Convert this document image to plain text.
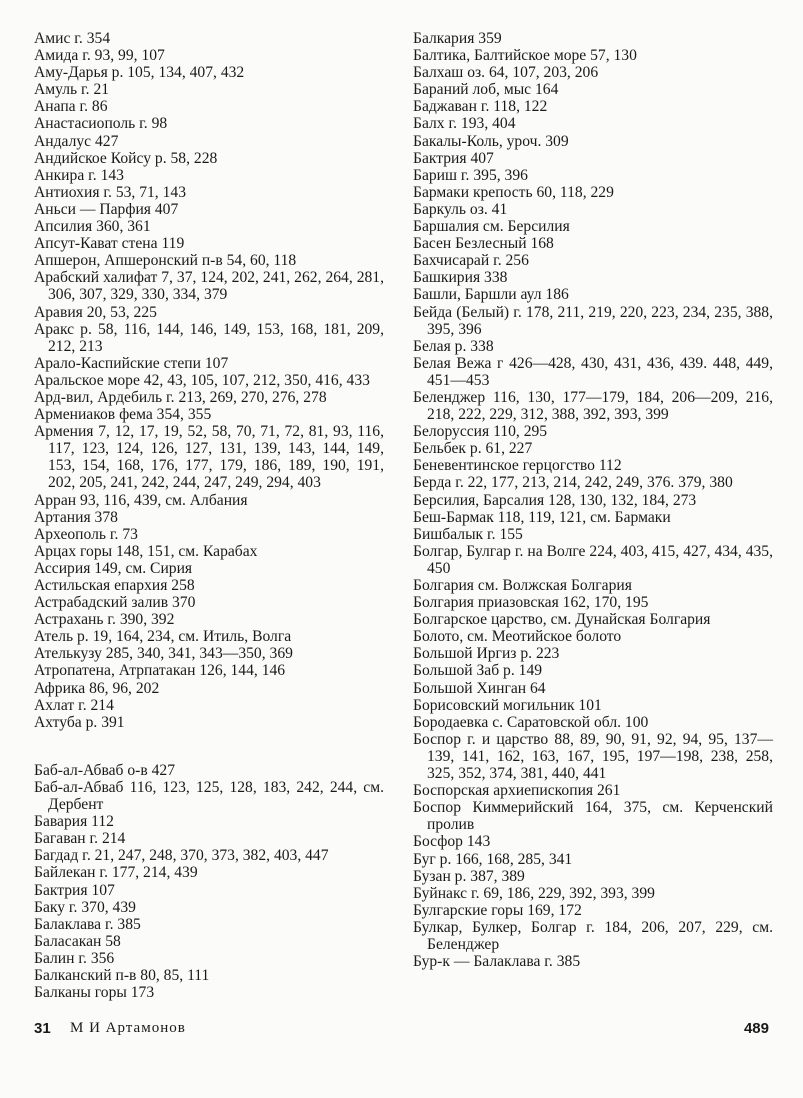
Амис г. 354

Амида г. 93, 99, 107

Аму-Дарья р. 105, 134, 407, 432

Амуль г. 21

Анапа г. 86

Анастасиополь г. 98

Андалус 427

Андийское Койсу р. 58, 228

Анкира г. 143

Антиохия г. 53, 71, 143

Аньси — Парфия 407

Апсилия 360, 361

Апсут-Кават стена 119

Апшерон, Апшеронский п-в 54, 60, 118

Арабский халифат 7, 37, 124, 202, 241, 262, 264, 281, 306, 307, 329, 330, 334, 379

Аравия 20, 53, 225

Аракс р. 58, 116, 144, 146, 149, 153, 168, 181, 209, 212, 213

Арало-Каспийские степи 107

Аральское море 42, 43, 105, 107, 212, 350, 416, 433

Ард-вил, Ардебиль г. 213, 269, 270, 276, 278

Армениаков фема 354, 355

Армения 7, 12, 17, 19, 52, 58, 70, 71, 72, 81, 93, 116, 117, 123, 124, 126, 127, 131, 139, 143, 144, 149, 153, 154, 168, 176, 177, 179, 186, 189, 190, 191, 202, 205, 241, 242, 244, 247, 249, 294, 403

Арран 93, 116, 439, см. Албания

Артания 378

Археополь г. 73

Арцах горы 148, 151, см. Карабах

Ассирия 149, см. Сирия

Астильская епархия 258

Астрабадский залив 370

Астрахань г. 390, 392

Атель р. 19, 164, 234, см. Итиль, Волга

Ателькузу 285, 340, 341, 343—350, 369

Атропатена, Атрпатакан 126, 144, 146

Африка 86, 96, 202

Ахлат г. 214

Ахтуба р. 391

Баб-ал-Абваб о-в 427

Баб-ал-Абваб 116, 123, 125, 128, 183, 242, 244, см. Дербент

Бавария 112

Багаван г. 214

Багдад г. 21, 247, 248, 370, 373, 382, 403, 447

Байлекан г. 177, 214, 439

Бактрия 107

Баку г. 370, 439

Балаклава г. 385

Баласакан 58

Балин г. 356

Балканский п-в 80, 85, 111

Балканы горы 173

Балкария 359

Балтика, Балтийское море 57, 130

Балхаш оз. 64, 107, 203, 206

Бараний лоб, мыс 164

Баджаван г. 118, 122

Балх г. 193, 404

Бакалы-Коль, уроч. 309

Бактрия 407

Бариш г. 395, 396

Бармаки крепость 60, 118, 229

Баркуль оз. 41

Баршалия см. Берсилия

Басен Безлесный 168

Бахчисарай г. 256

Башкирия 338

Башли, Баршли аул 186

Бейда (Белый) г. 178, 211, 219, 220, 223, 234, 235, 388, 395, 396

Белая р. 338

Белая Вежа г 426—428, 430, 431, 436, 439. 448, 449, 451—453

Беленджер 116, 130, 177—179, 184, 206—209, 216, 218, 222, 229, 312, 388, 392, 393, 399

Белоруссия 110, 295

Бельбек р. 61, 227

Беневентинское герцогство 112

Берда г. 22, 177, 213, 214, 242, 249, 376. 379, 380

Берсилия, Барсалия 128, 130, 132, 184, 273

Беш-Бармак 118, 119, 121, см. Бармаки

Бишбалык г. 155

Болгар, Булгар г. на Волге 224, 403, 415, 427, 434, 435, 450

Болгария см. Волжская Болгария

Болгария приазовская 162, 170, 195

Болгарское царство, см. Дунайская Болгария

Болото, см. Меотийское болото

Большой Иргиз р. 223

Большой Заб р. 149

Большой Хинган 64

Борисовский могильник 101

Бородаевка с. Саратовской обл. 100

Боспор г. и царство 88, 89, 90, 91, 92, 94, 95, 137—139, 141, 162, 163, 167, 195, 197—198, 238, 258, 325, 352, 374, 381, 440, 441

Боспорская архиепископия 261

Боспор Киммерийский 164, 375, см. Керченский пролив

Босфор 143

Буг р. 166, 168, 285, 341

Бузан р. 387, 389

Буйнакс г. 69, 186, 229, 392, 393, 399

Булгарские горы 169, 172

Булкар, Булкер, Болгар г. 184, 206, 207, 229, см. Беленджер

Бур-к — Балаклава г. 385

31 М И Артамонов	489
